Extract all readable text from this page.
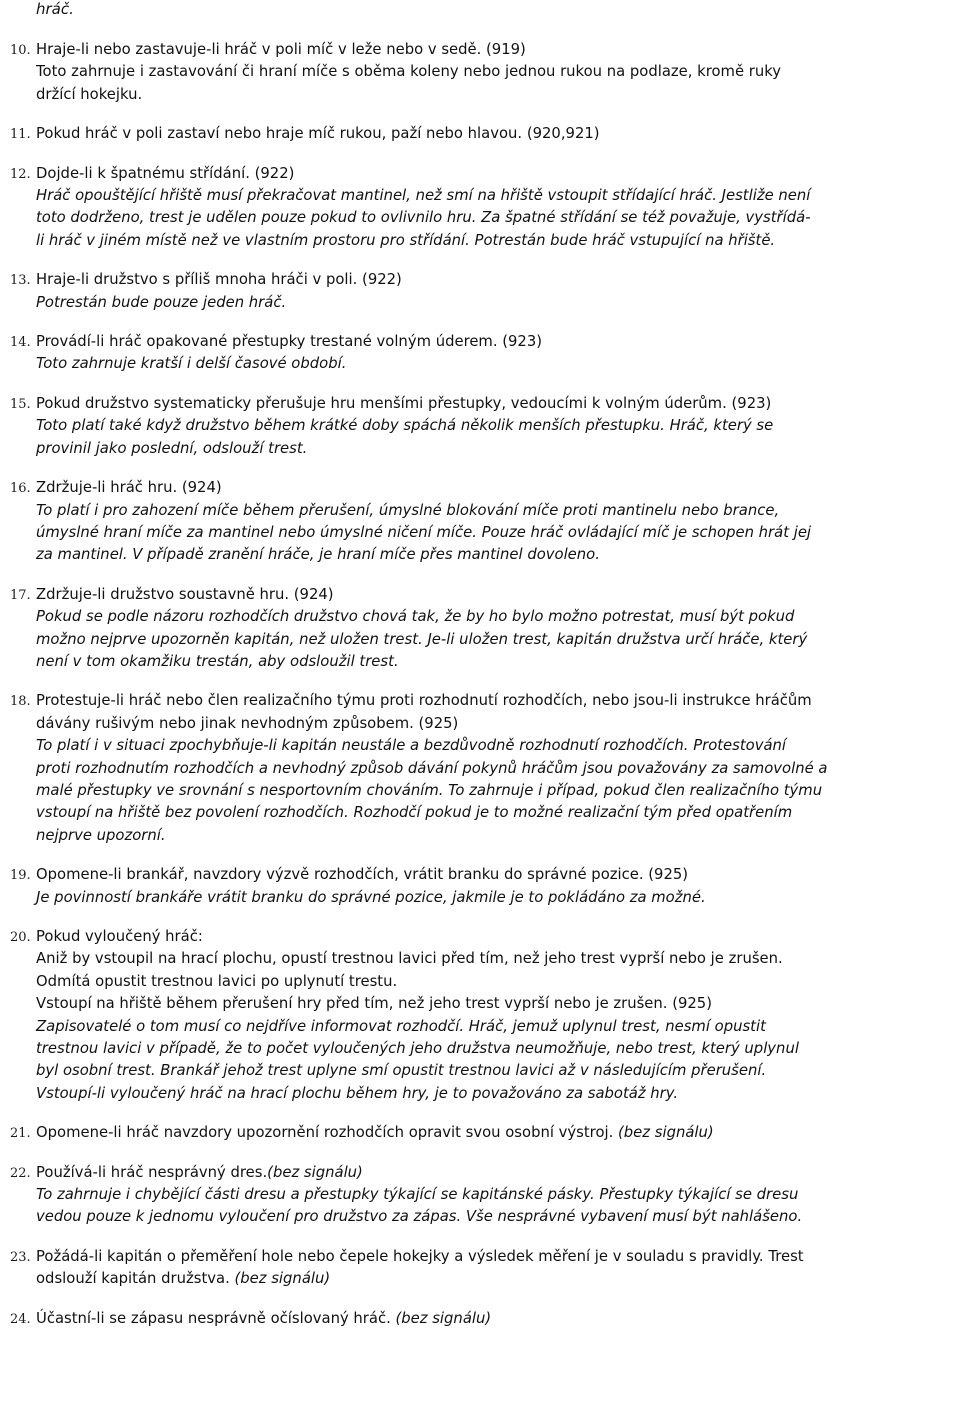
hráč.

10. Hraje-li nebo zastavuje-li hráč v poli míč v leže nebo v sedě. (919)
Toto zahrnuje i zastavování či hraní míče s oběma koleny nebo jednou rukou na podlaze, kromě ruky
držící hokejku.
11. Pokud hráč v poli zastaví nebo hraje míč rukou, paží nebo hlavou. (920,921)
12. Dojde-li k špatnému střídání. (922)
Hráč opouštějící hřiště musí překračovat mantinel, než smí na hřiště vstoupit střídající hráč. Jestliže není
toto dodrženo, trest je udělen pouze pokud to ovlivnilo hru. Za špatné střídání se též považuje, vystřídá-
li hráč v jiném místě než ve vlastním prostoru pro střídání. Potrestán bude hráč vstupující na hřiště.
13. Hraje-li družstvo s příliš mnoha hráči v poli. (922)
Potrestán bude pouze jeden hráč.
14. Provádí-li hráč opakované přestupky trestané volným úderem. (923)
Toto zahrnuje kratší i delší časové období.
15. Pokud družstvo systematicky přerušuje hru menšími přestupky, vedoucími k volným úderům. (923)
Toto platí také když družstvo během krátké doby spáchá několik menších přestupku. Hráč, který se
provinil jako poslední, odslouží trest.
16. Zdržuje-li hráč hru. (924)
To platí i pro zahození míče během přerušení, úmyslné blokování míče proti mantinelu nebo brance,
úmyslné hraní míče za mantinel nebo úmyslné ničení míče. Pouze hráč ovládající míč je schopen hrát jej
za mantinel. V případě zranění hráče, je hraní míče přes mantinel dovoleno.
17. Zdržuje-li družstvo soustavně hru. (924)
Pokud se podle názoru rozhodčích družstvo chová tak, že by ho bylo možno potrestat, musí být pokud
možno nejprve upozorněn kapitán, než uložen trest. Je-li uložen trest, kapitán družstva určí hráče, který
není v tom okamžiku trestán, aby odsloužil trest.
18. Protestuje-li hráč nebo člen realizačního týmu proti rozhodnutí rozhodčích, nebo jsou-li instrukce hráčům
dávány rušivým nebo jinak nevhodným způsobem. (925)
To platí i v situaci zpochybňuje-li kapitán neustále a bezdůvodně rozhodnutí rozhodčích. Protestování
proti rozhodnutím rozhodčích a nevhodný způsob dávání pokynů hráčům jsou považovány za samovolné a
malé přestupky ve srovnání s nesportovním chováním. To zahrnuje i případ, pokud člen realizačního týmu
vstoupí na hřiště bez povolení rozhodčích. Rozhodčí pokud je to možné realizační tým před opatřením
nejprve upozorní.
19. Opomene-li brankář, navzdory výzvě rozhodčích, vrátit branku do správné pozice. (925)
Je povinností brankáře vrátit branku do správné pozice, jakmile je to pokládáno za možné.
20. Pokud vyloučený hráč:
Aniž by vstoupil na hrací plochu, opustí trestnou lavici před tím, než jeho trest vyprší nebo je zrušen.
Odmítá opustit trestnou lavici po uplynutí trestu.
Vstoupí na hřiště během přerušení hry před tím, než jeho trest vyprší nebo je zrušen. (925)
Zapisovatelé o tom musí co nejdříve informovat rozhodčí. Hráč, jemuž uplynul trest, nesmí opustit
trestnou lavici v případě, že to počet vyloučených jeho družstva neumožňuje, nebo trest, který uplynul
byl osobní trest. Brankář jehož trest uplyne smí opustit trestnou lavici až v následujícím přerušení.
Vstoupí-li vyloučený hráč na hrací plochu během hry, je to považováno za sabotáž hry.
21. Opomene-li hráč navzdory upozornění rozhodčích opravit svou osobní výstroj. (bez signálu)
22. Používá-li hráč nesprávný dres.(bez signálu)
To zahrnuje i chybějící části dresu a přestupky týkající se kapitánské pásky. Přestupky týkající se dresu
vedou pouze k jednomu vyloučení pro družstvo za zápas. Vše nesprávné vybavení musí být nahlášeno.
23. Požádá-li kapitán o přeměření hole nebo čepele hokejky a výsledek měření je v souladu s pravidly. Trest
odslouží kapitán družstva. (bez signálu)
24. Účastní-li se zápasu nesprávně očíslovaný hráč. (bez signálu)
